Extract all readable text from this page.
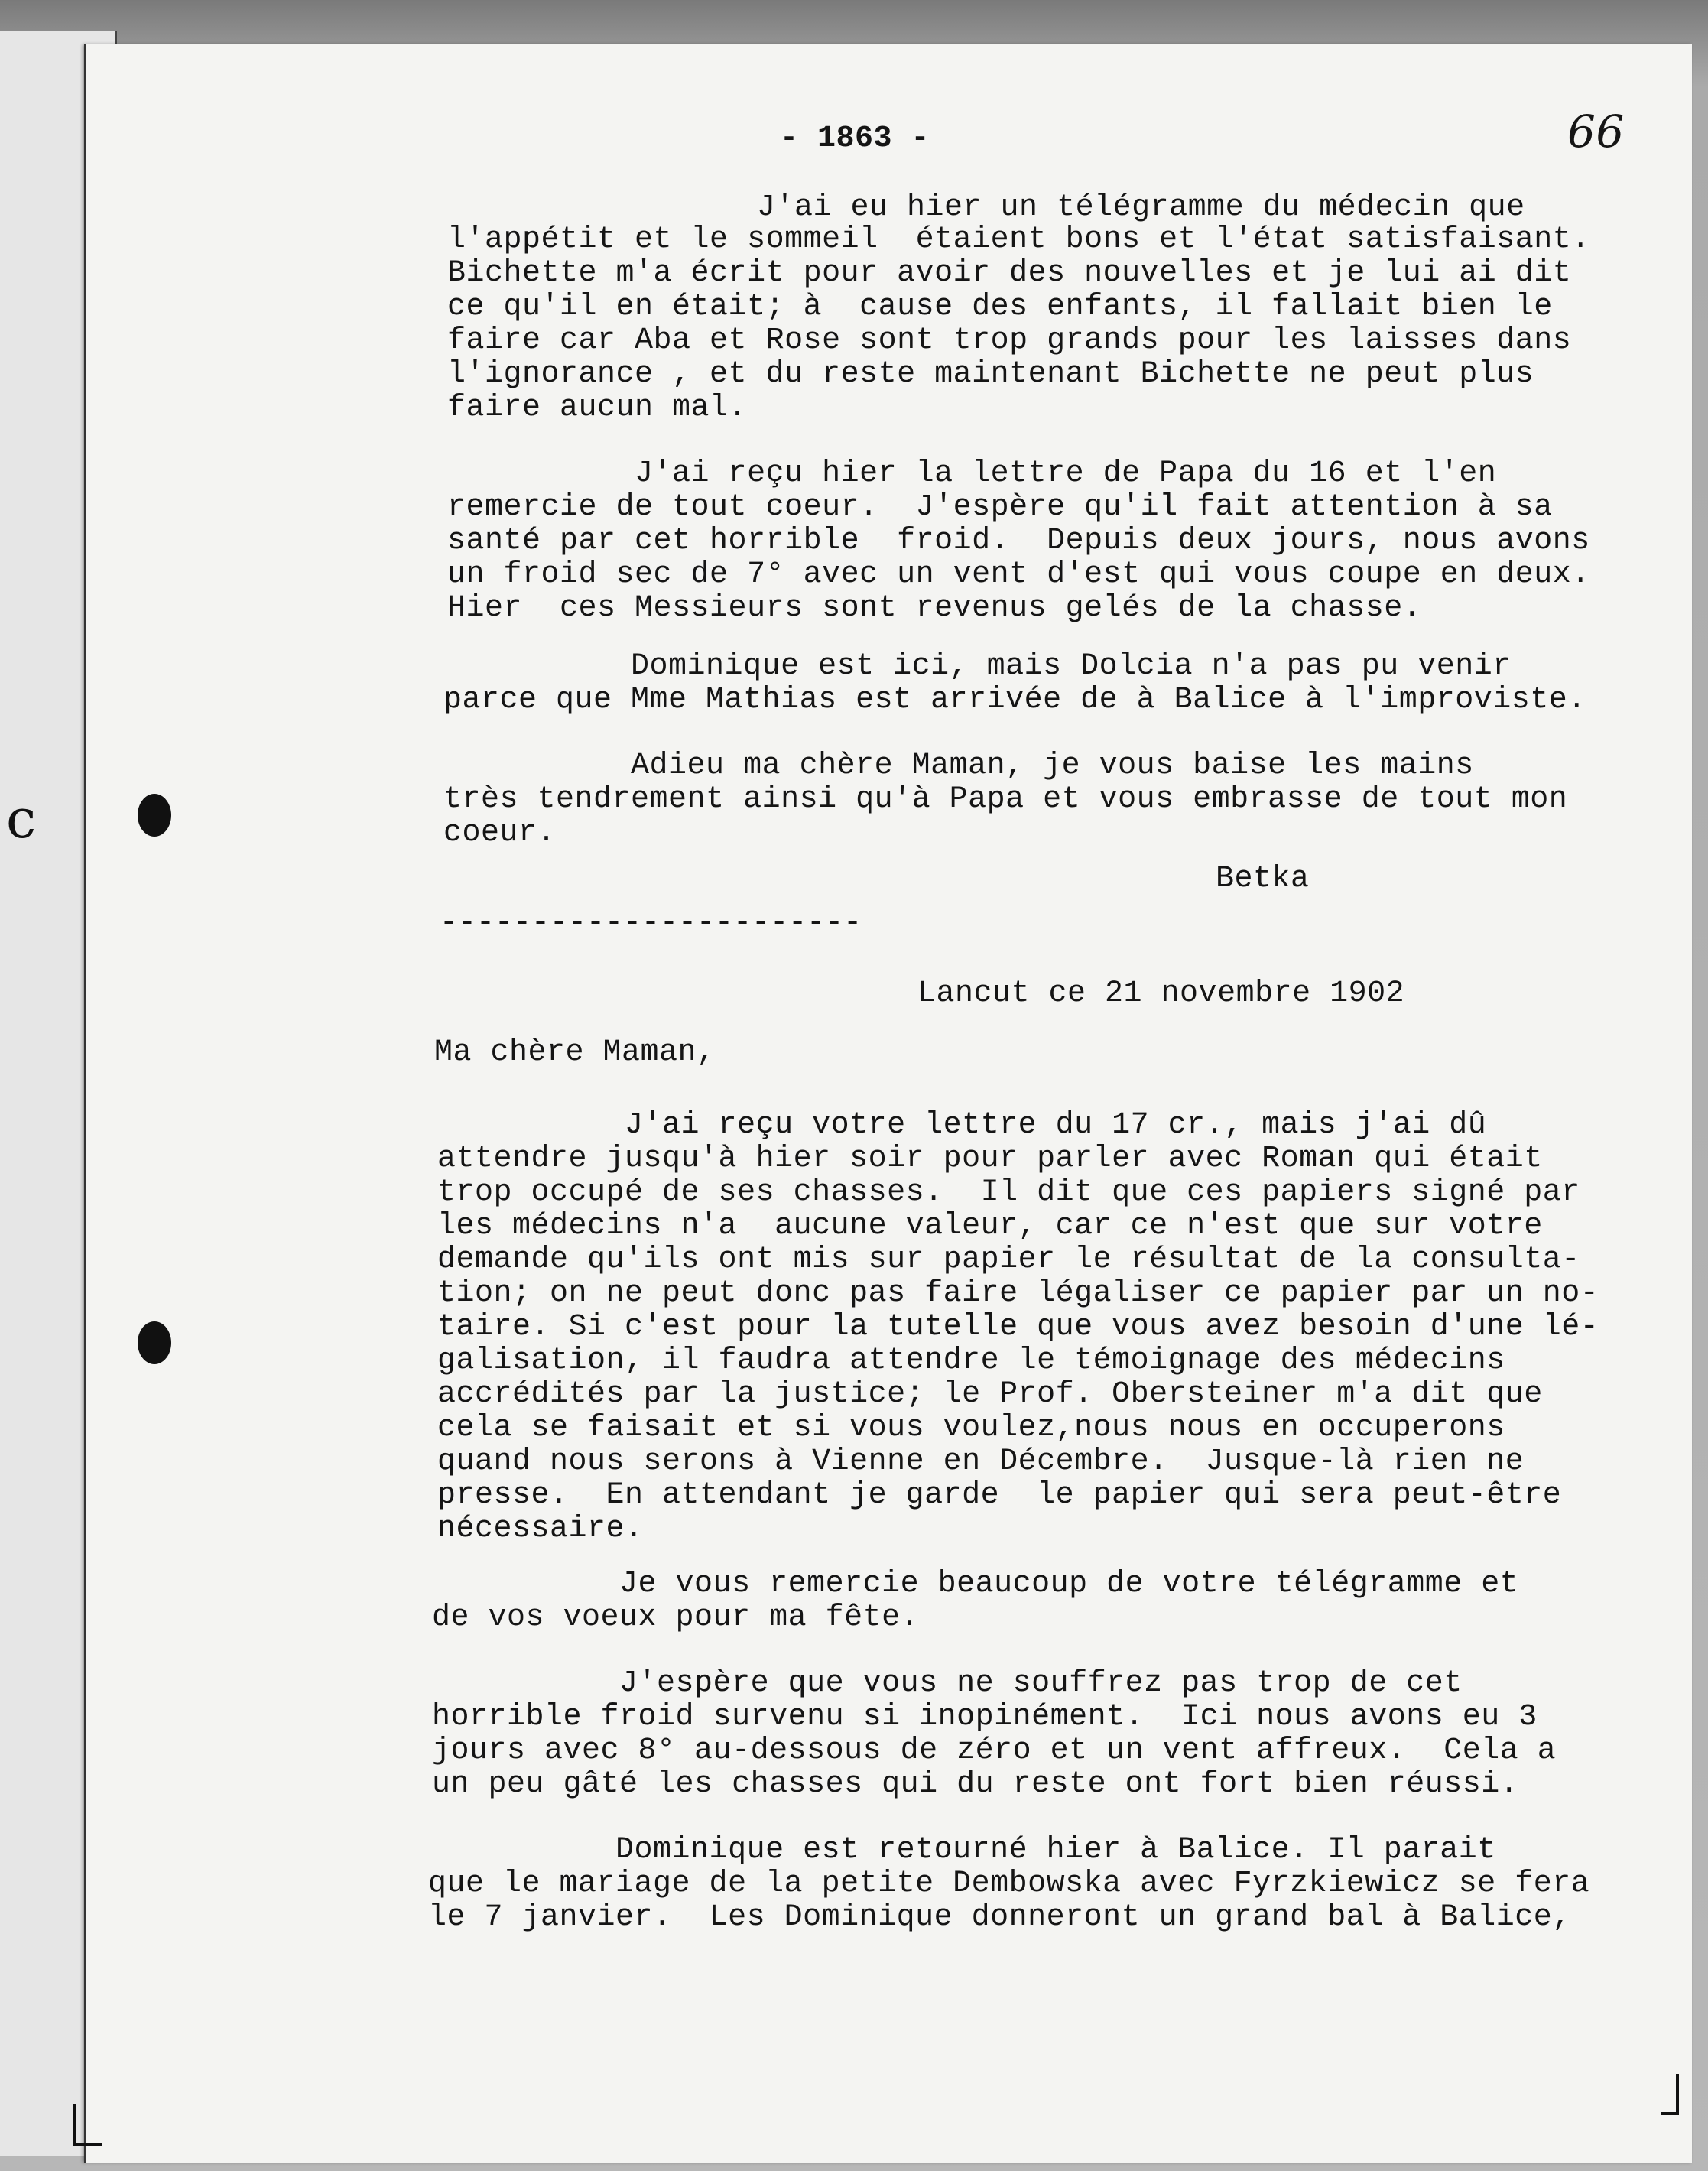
c
- 1863 -	66

J'ai eu hier un télégramme du médecin que

l'appétit et le sommeil  étaient bons et l'état satisfaisant.

Bichette m'a écrit pour avoir des nouvelles et je lui ai dit

ce qu'il en était; à  cause des enfants, il fallait bien le

faire car Aba et Rose sont trop grands pour les laisses dans

l'ignorance , et du reste maintenant Bichette ne peut plus

faire aucun mal.

J'ai reçu hier la lettre de Papa du 16 et l'en

remercie de tout coeur.  J'espère qu'il fait attention à sa

santé par cet horrible  froid.  Depuis deux jours, nous avons

un froid sec de 7° avec un vent d'est qui vous coupe en deux.

Hier  ces Messieurs sont revenus gelés de la chasse.

Dominique est ici, mais Dolcia n'a pas pu venir

parce que Mme Mathias est arrivée de à Balice à l'improviste.

Adieu ma chère Maman, je vous baise les mains

très tendrement ainsi qu'à Papa et vous embrasse de tout mon

coeur.

Betka
-----------------------
Lancut ce 21 novembre 1902
Ma chère Maman,

J'ai reçu votre lettre du 17 cr., mais j'ai dû

attendre jusqu'à hier soir pour parler avec Roman qui était

trop occupé de ses chasses.  Il dit que ces papiers signé par

les médecins n'a  aucune valeur, car ce n'est que sur votre

demande qu'ils ont mis sur papier le résultat de la consulta-

tion; on ne peut donc pas faire légaliser ce papier par un no-

taire. Si c'est pour la tutelle que vous avez besoin d'une lé-

galisation, il faudra attendre le témoignage des médecins

accrédités par la justice; le Prof. Obersteiner m'a dit que

cela se faisait et si vous voulez,nous nous en occuperons

quand nous serons à Vienne en Décembre.  Jusque-là rien ne

presse.  En attendant je garde  le papier qui sera peut-être

nécessaire.

Je vous remercie beaucoup de votre télégramme et

de vos voeux pour ma fête.

J'espère que vous ne souffrez pas trop de cet

horrible froid survenu si inopinément.  Ici nous avons eu 3

jours avec 8° au-dessous de zéro et un vent affreux.  Cela a

un peu gâté les chasses qui du reste ont fort bien réussi.

Dominique est retourné hier à Balice. Il parait

que le mariage de la petite Dembowska avec Fyrzkiewicz se fera

le 7 janvier.  Les Dominique donneront un grand bal à Balice,
